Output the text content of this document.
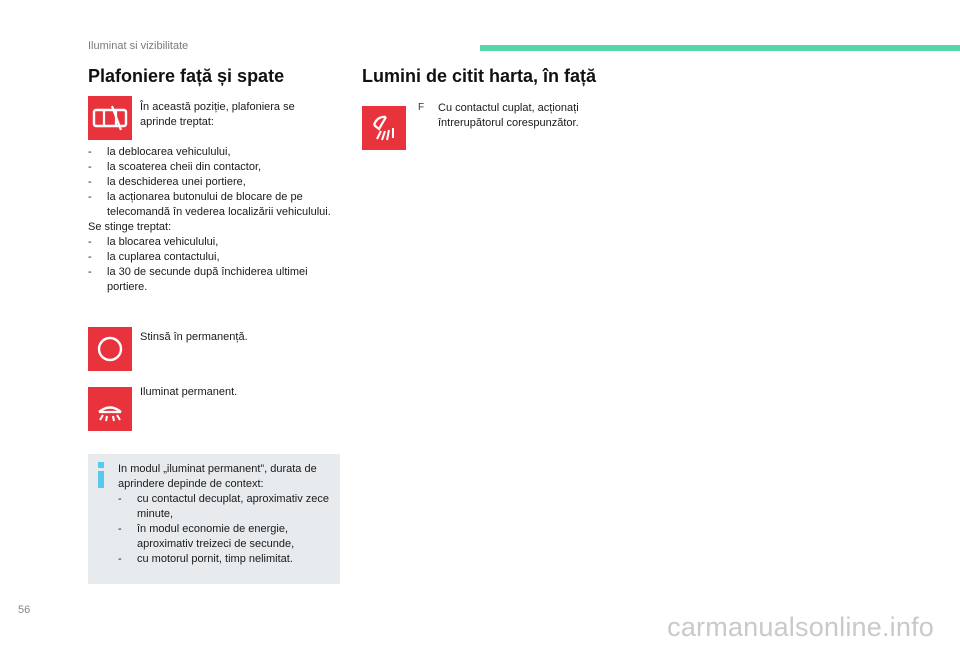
Iluminat si vizibilitate
Plafoniere față și spate

În această poziție, plafoniera se aprinde treptat:

- la deblocarea vehiculului,

- la scoaterea cheii din contactor,

- la deschiderea unei portiere,

- la acționarea butonului de blocare de pe telecomandă în vederea localizării vehiculului.

Se stinge treptat:

- la blocarea vehiculului,

- la cuplarea contactului,

- la 30 de secunde după închiderea ultimei portiere.

Stinsă în permanență.
Iluminat permanent.

In modul „iluminat permanent”, durata de aprindere depinde de context:

- cu contactul decuplat, aproximativ zece minute,

- în modul economie de energie, aproximativ treizeci de secunde,

- cu motorul pornit, timp nelimitat.

Lumini de citit harta, în față
F Cu contactul cuplat, acționați întrerupătorul corespunzător.
56
carmanualsonline.info
